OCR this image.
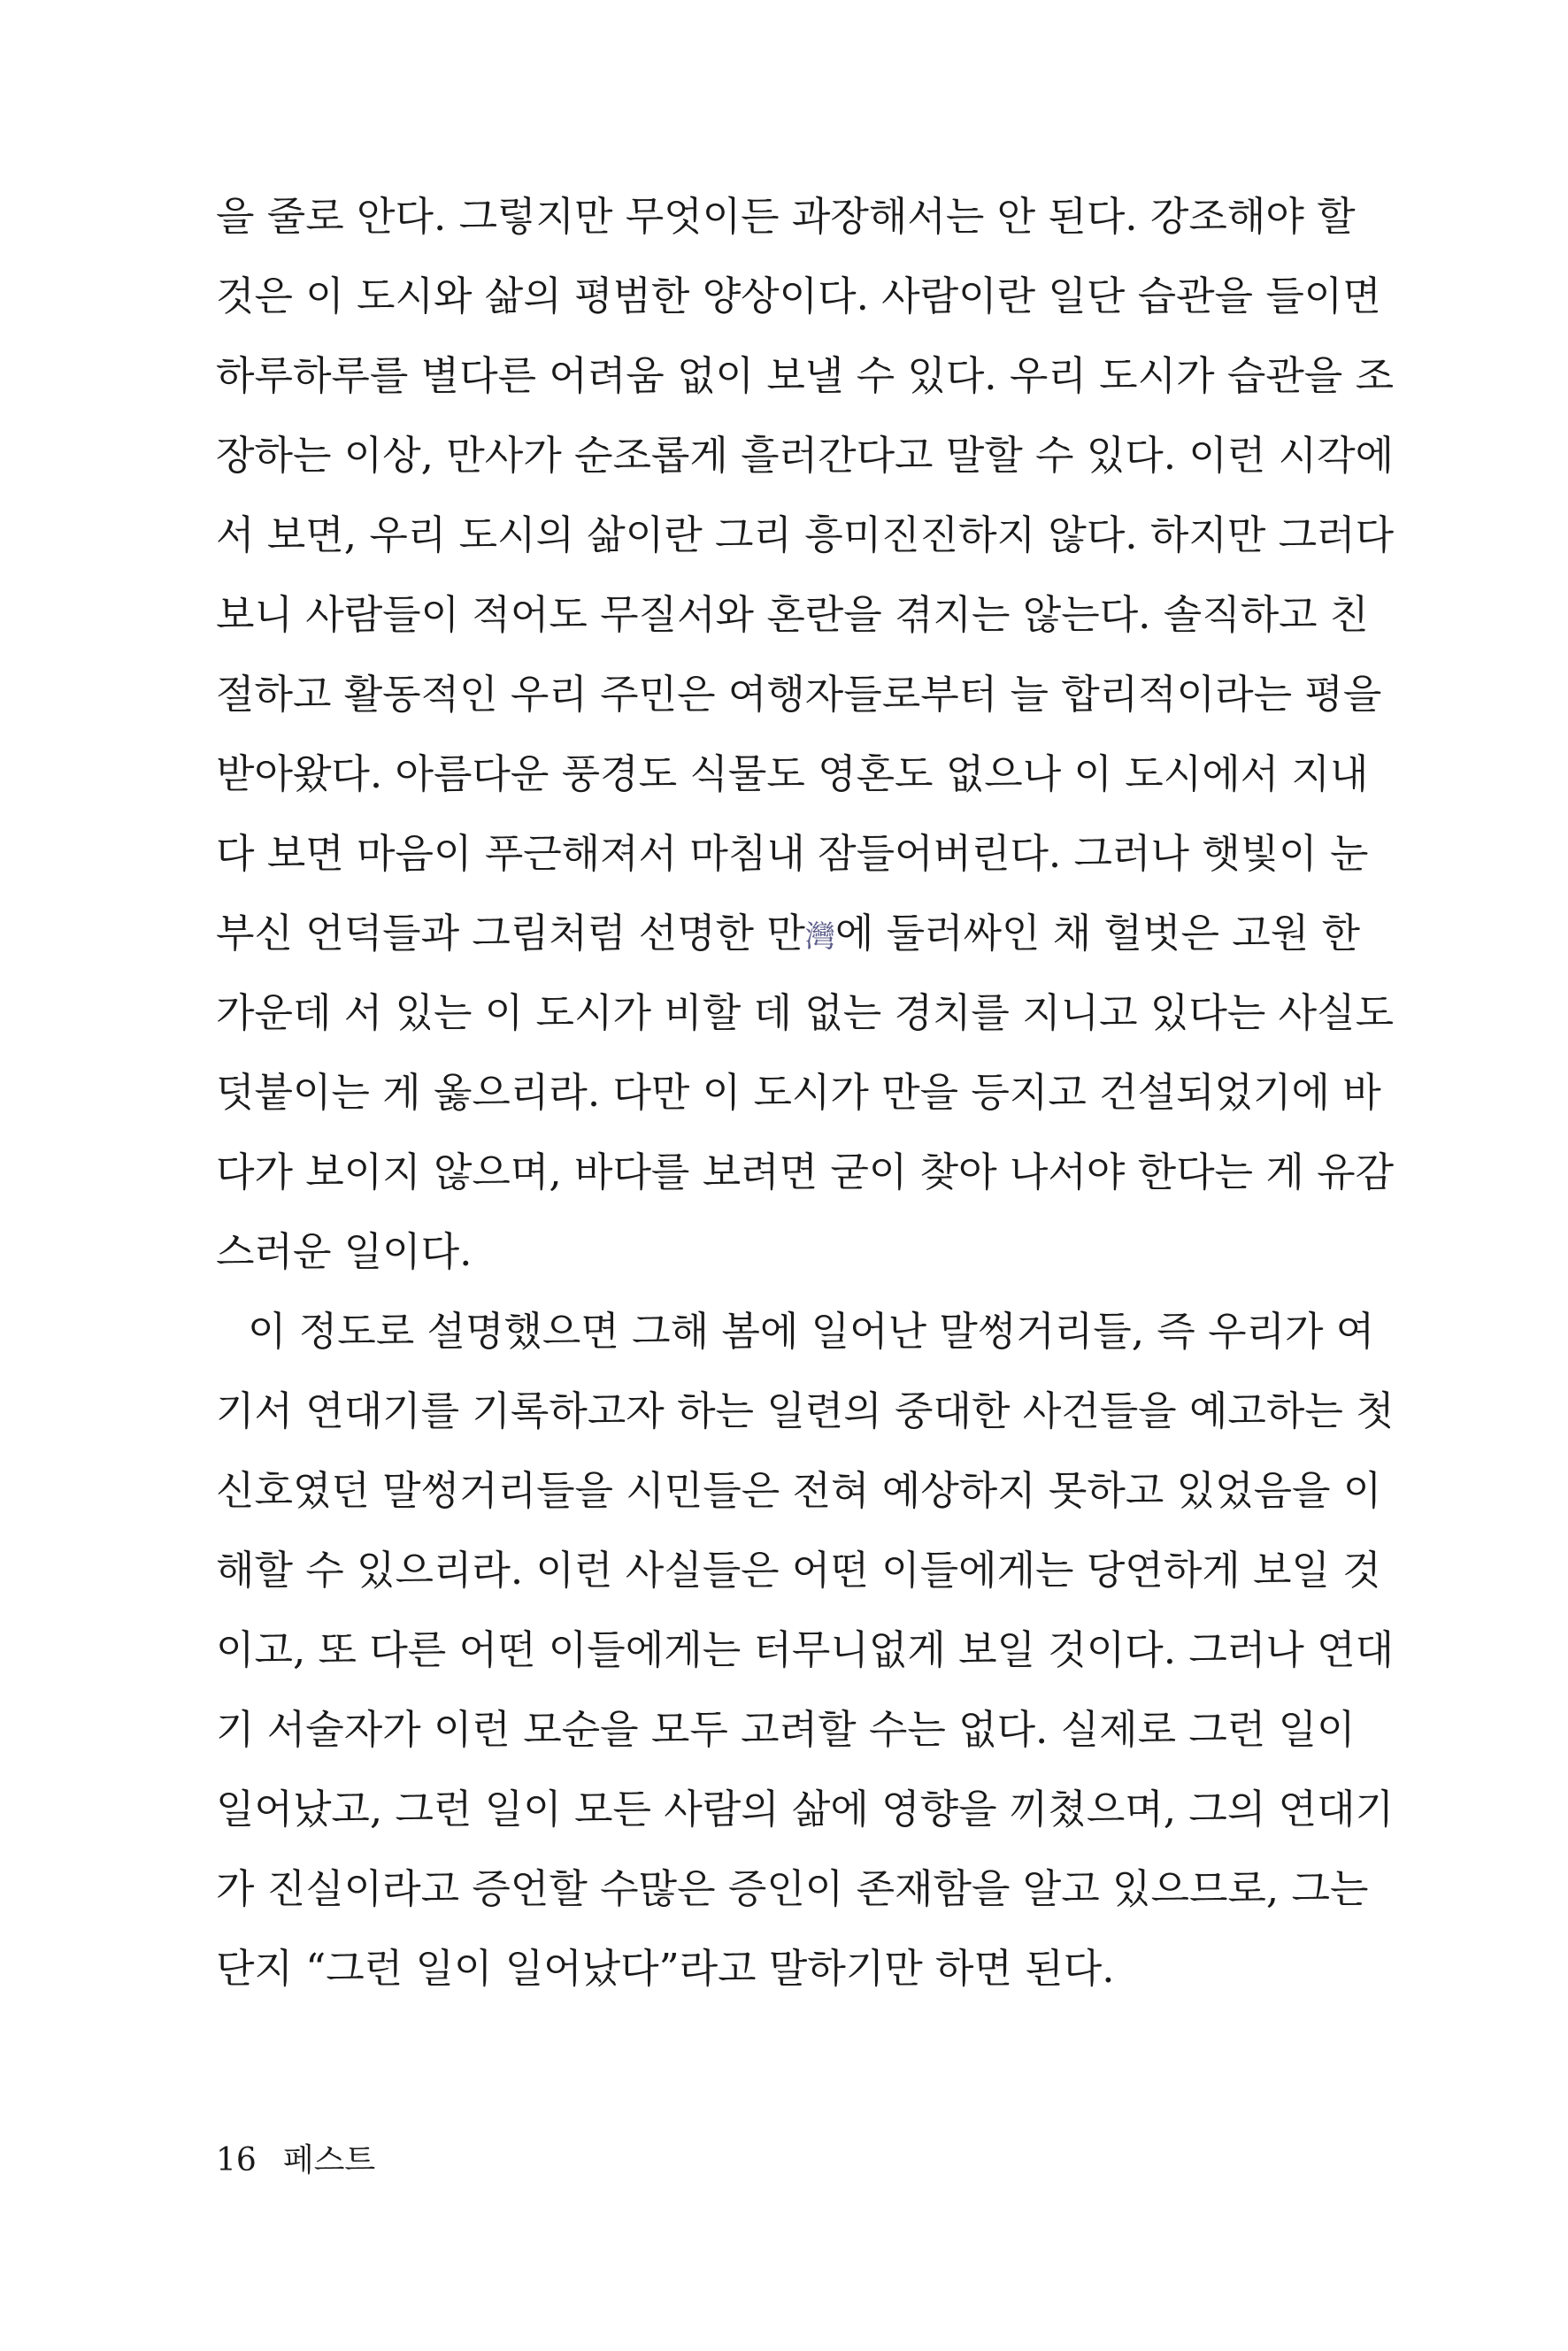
을 줄로 안다. 그렇지만 무엇이든 과장해서는 안 된다. 강조해야 할
것은 이 도시와 삶의 평범한 양상이다. 사람이란 일단 습관을 들이면
하루하루를 별다른 어려움 없이 보낼 수 있다. 우리 도시가 습관을 조
장하는 이상, 만사가 순조롭게 흘러간다고 말할 수 있다. 이런 시각에
서 보면, 우리 도시의 삶이란 그리 흥미진진하지 않다. 하지만 그러다
보니 사람들이 적어도 무질서와 혼란을 겪지는 않는다. 솔직하고 친
절하고 활동적인 우리 주민은 여행자들로부터 늘 합리적이라는 평을
받아왔다. 아름다운 풍경도 식물도 영혼도 없으나 이 도시에서 지내
다 보면 마음이 푸근해져서 마침내 잠들어버린다. 그러나 햇빛이 눈
부신 언덕들과 그림처럼 선명한 만灣에 둘러싸인 채 헐벗은 고원 한
가운데 서 있는 이 도시가 비할 데 없는 경치를 지니고 있다는 사실도
덧붙이는 게 옳으리라. 다만 이 도시가 만을 등지고 건설되었기에 바
다가 보이지 않으며, 바다를 보려면 굳이 찾아 나서야 한다는 게 유감
스러운 일이다.
이 정도로 설명했으면 그해 봄에 일어난 말썽거리들, 즉 우리가 여
기서 연대기를 기록하고자 하는 일련의 중대한 사건들을 예고하는 첫
신호였던 말썽거리들을 시민들은 전혀 예상하지 못하고 있었음을 이
해할 수 있으리라. 이런 사실들은 어떤 이들에게는 당연하게 보일 것
이고, 또 다른 어떤 이들에게는 터무니없게 보일 것이다. 그러나 연대
기 서술자가 이런 모순을 모두 고려할 수는 없다. 실제로 그런 일이
일어났고, 그런 일이 모든 사람의 삶에 영향을 끼쳤으며, 그의 연대기
가 진실이라고 증언할 수많은 증인이 존재함을 알고 있으므로, 그는
단지 “그런 일이 일어났다”라고 말하기만 하면 된다.
16 페스트
